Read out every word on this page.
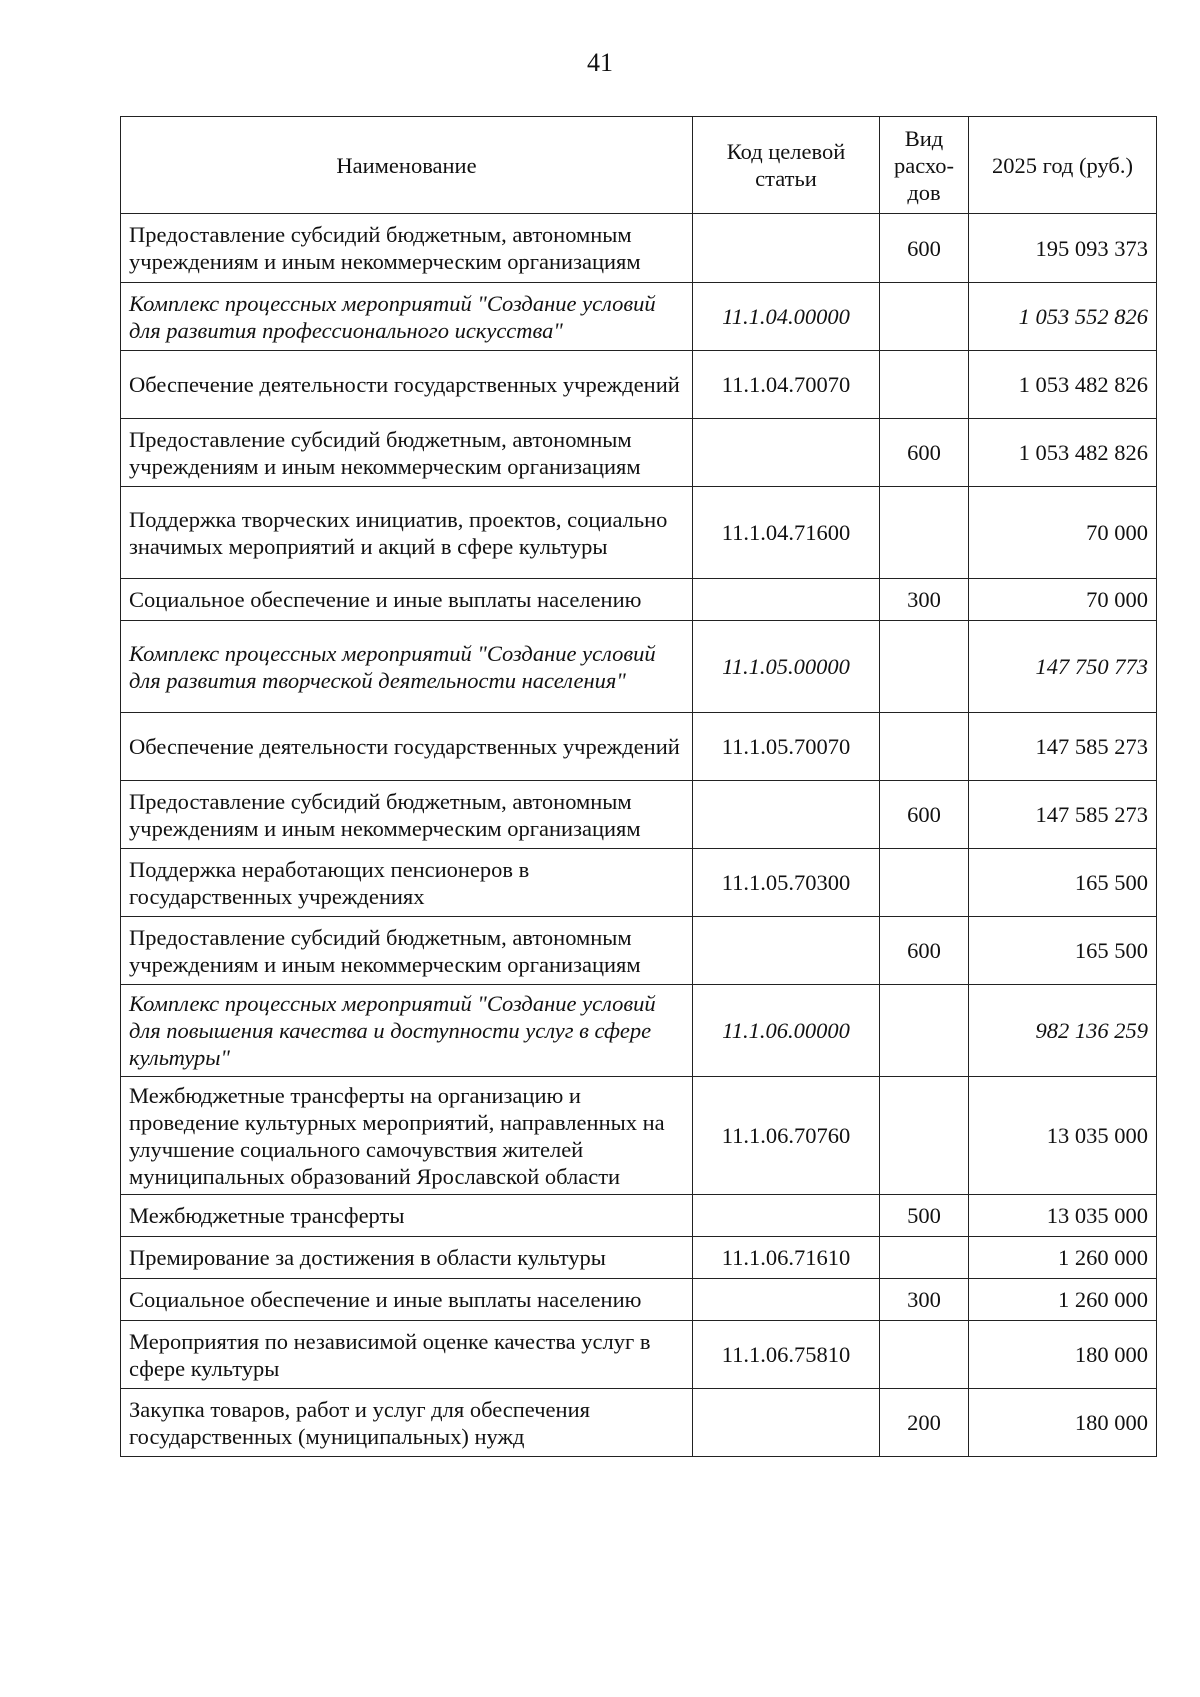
41
Наименование	Код целевой статьи	Вид расхо-дов	2025 год (руб.)
Предоставление субсидий бюджетным, автономным учреждениям и иным некоммерческим организациям		600	195 093 373
Комплекс процессных мероприятий "Создание условий для развития профессионального искусства"	11.1.04.00000		1 053 552 826
Обеспечение деятельности государственных учреждений	11.1.04.70070		1 053 482 826
Предоставление субсидий бюджетным, автономным учреждениям и иным некоммерческим организациям		600	1 053 482 826
Поддержка творческих инициатив, проектов, социально значимых мероприятий и акций в сфере культуры	11.1.04.71600		70 000
Социальное обеспечение и иные выплаты населению		300	70 000
Комплекс процессных мероприятий "Создание условий для развития творческой деятельности населения"	11.1.05.00000		147 750 773
Обеспечение деятельности государственных учреждений	11.1.05.70070		147 585 273
Предоставление субсидий бюджетным, автономным учреждениям и иным некоммерческим организациям		600	147 585 273
Поддержка неработающих пенсионеров в государственных учреждениях	11.1.05.70300		165 500
Предоставление субсидий бюджетным, автономным учреждениям и иным некоммерческим организациям		600	165 500
Комплекс процессных мероприятий "Создание условий для повышения качества и доступности услуг в сфере культуры"	11.1.06.00000		982 136 259
Межбюджетные трансферты на организацию и проведение культурных мероприятий, направленных на улучшение социального самочувствия жителей муниципальных образований Ярославской области	11.1.06.70760		13 035 000
Межбюджетные трансферты		500	13 035 000
Премирование за достижения в области культуры	11.1.06.71610		1 260 000
Социальное обеспечение и иные выплаты населению		300	1 260 000
Мероприятия по независимой оценке качества услуг в сфере культуры	11.1.06.75810		180 000
Закупка товаров, работ и услуг для обеспечения государственных (муниципальных) нужд		200	180 000
